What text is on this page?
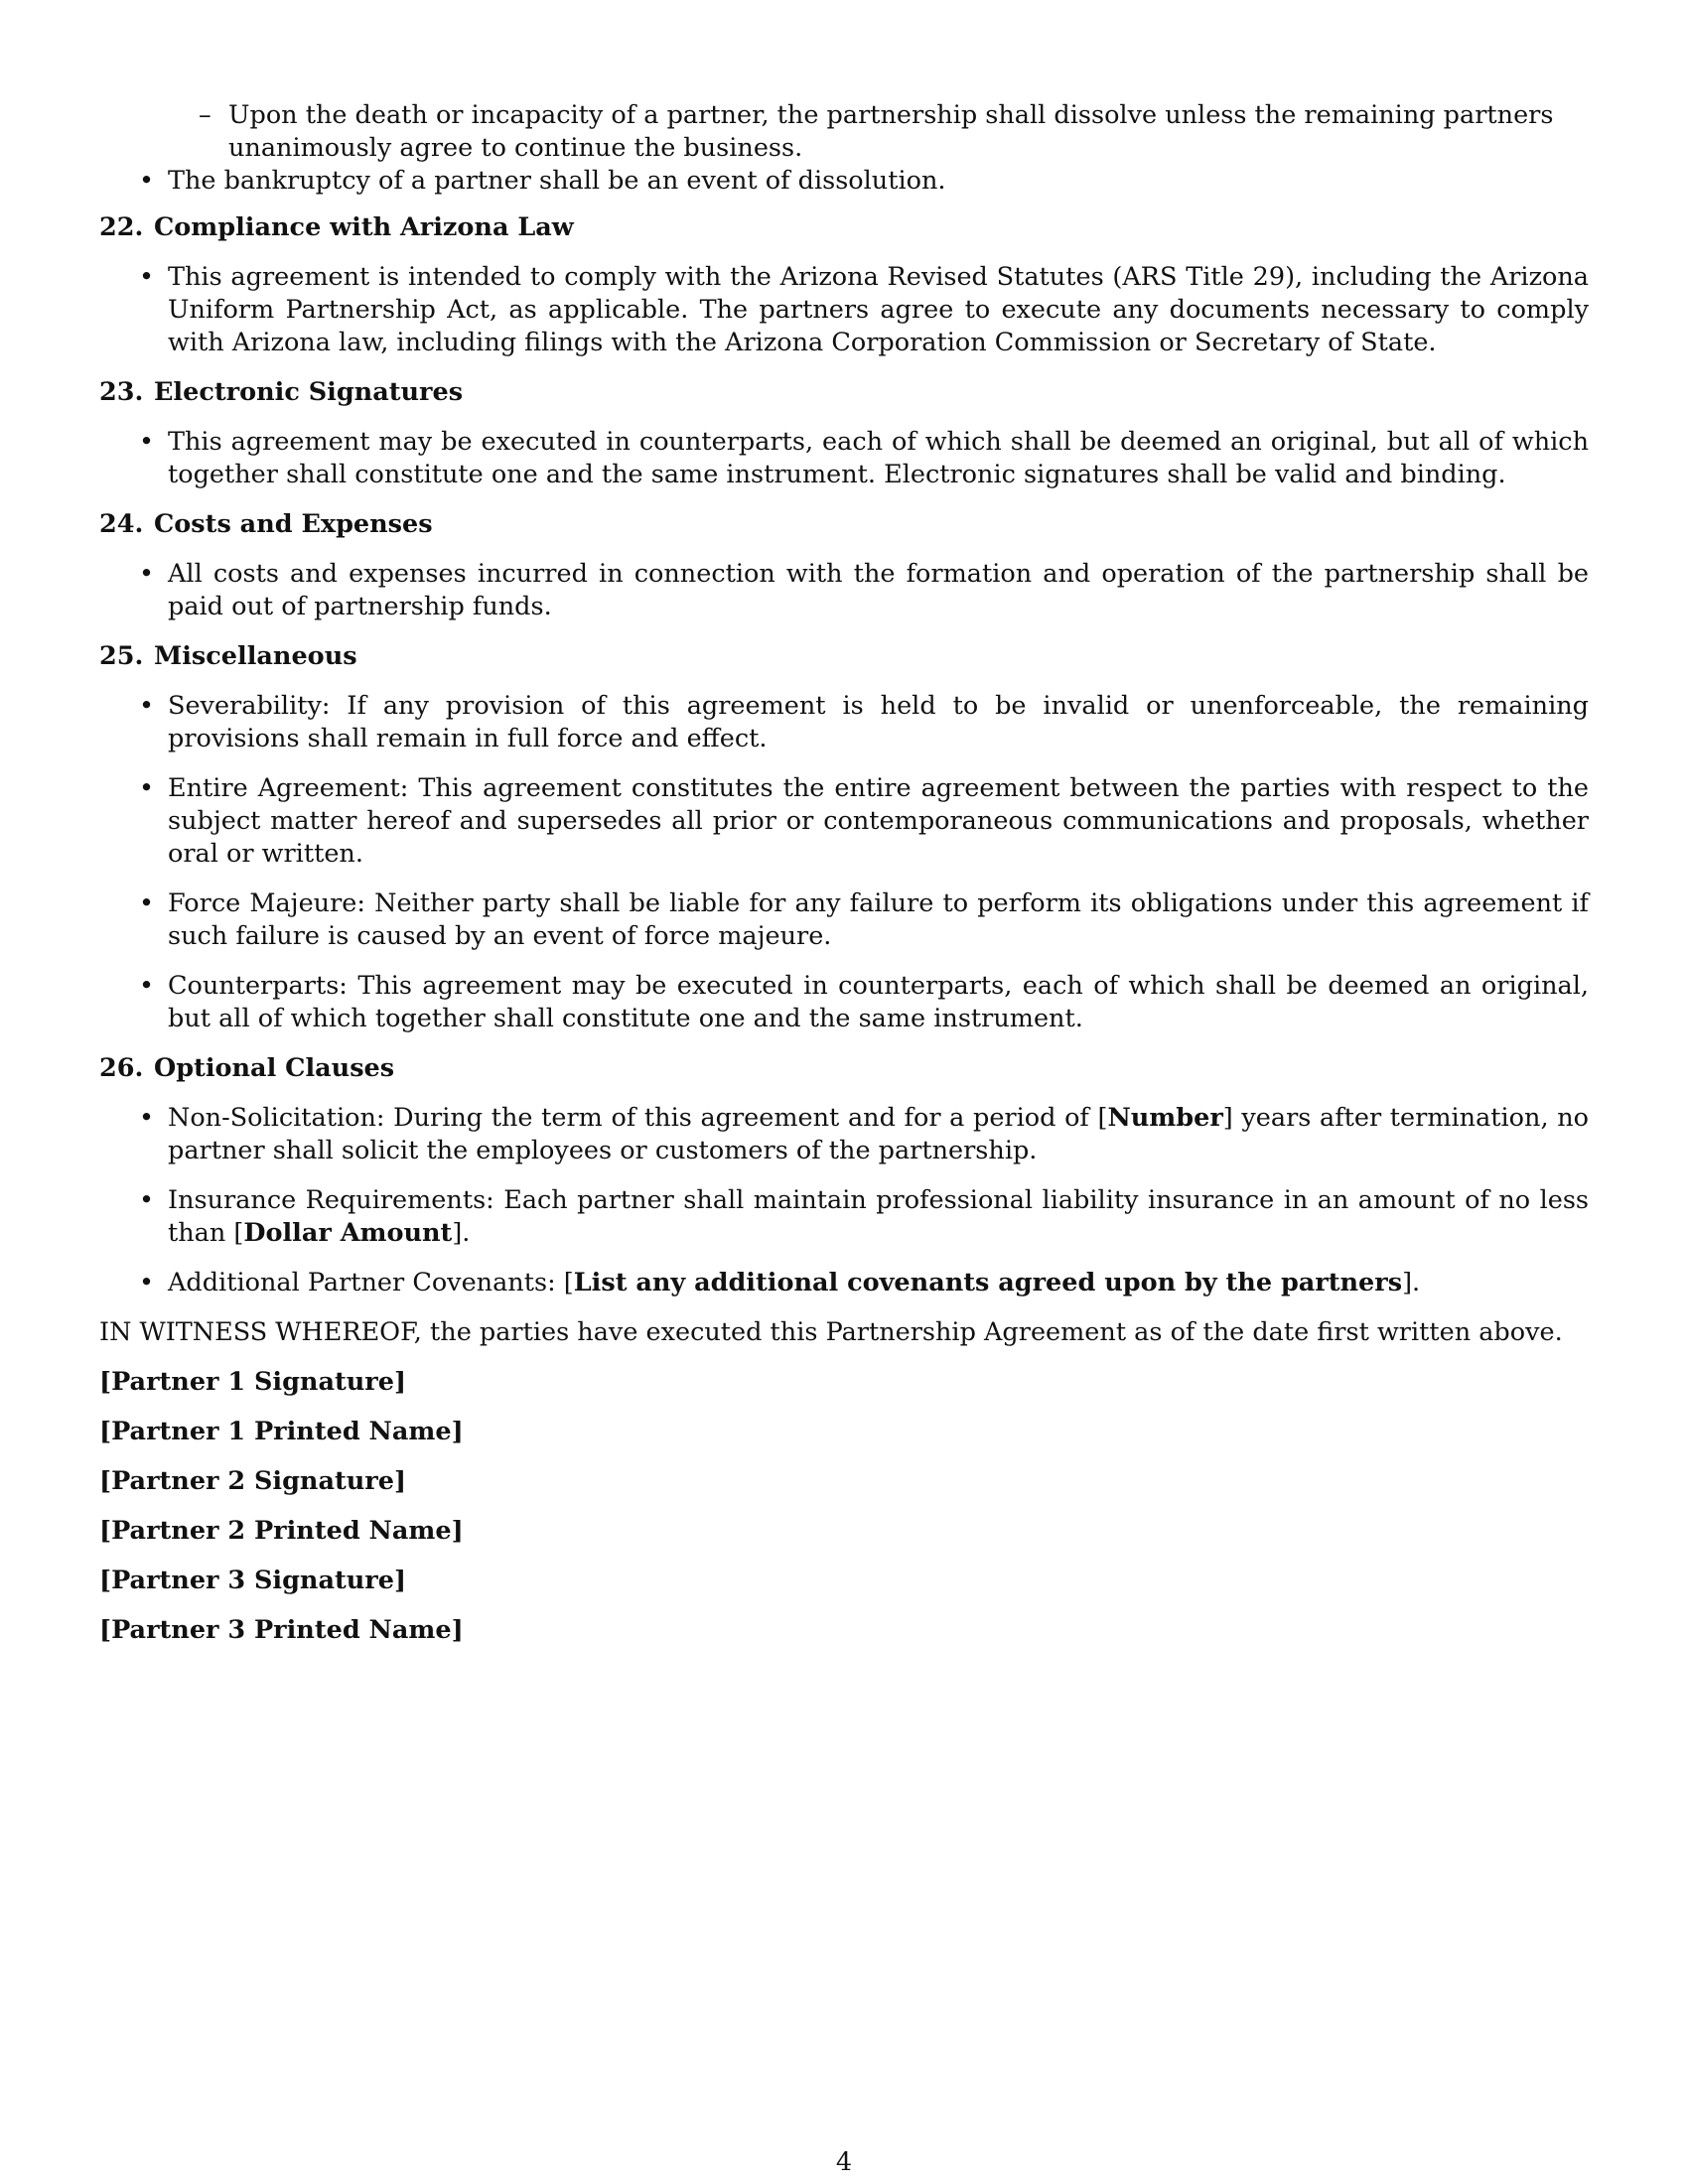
– Upon the death or incapacity of a partner, the partnership shall dissolve unless the remaining partners unanimously agree to continue the business.
• The bankruptcy of a partner shall be an event of dissolution.
22. Compliance with Arizona Law
• This agreement is intended to comply with the Arizona Revised Statutes (ARS Title 29), including the Arizona Uniform Partnership Act, as applicable. The partners agree to execute any documents necessary to comply with Arizona law, including filings with the Arizona Corporation Commission or Secretary of State.
23. Electronic Signatures
• This agreement may be executed in counterparts, each of which shall be deemed an original, but all of which together shall constitute one and the same instrument. Electronic signatures shall be valid and binding.
24. Costs and Expenses
• All costs and expenses incurred in connection with the formation and operation of the partnership shall be paid out of partnership funds.
25. Miscellaneous
• Severability: If any provision of this agreement is held to be invalid or unenforceable, the remaining provisions shall remain in full force and effect.
• Entire Agreement: This agreement constitutes the entire agreement between the parties with respect to the subject matter hereof and supersedes all prior or contemporaneous communications and proposals, whether oral or written.
• Force Majeure: Neither party shall be liable for any failure to perform its obligations under this agreement if such failure is caused by an event of force majeure.
• Counterparts: This agreement may be executed in counterparts, each of which shall be deemed an original, but all of which together shall constitute one and the same instrument.
26. Optional Clauses
• Non-Solicitation: During the term of this agreement and for a period of [Number] years after termination, no partner shall solicit the employees or customers of the partnership.
• Insurance Requirements: Each partner shall maintain professional liability insurance in an amount of no less than [Dollar Amount].
• Additional Partner Covenants: [List any additional covenants agreed upon by the partners].
IN WITNESS WHEREOF, the parties have executed this Partnership Agreement as of the date first written above.
[Partner 1 Signature]
[Partner 1 Printed Name]
[Partner 2 Signature]
[Partner 2 Printed Name]
[Partner 3 Signature]
[Partner 3 Printed Name]
4
